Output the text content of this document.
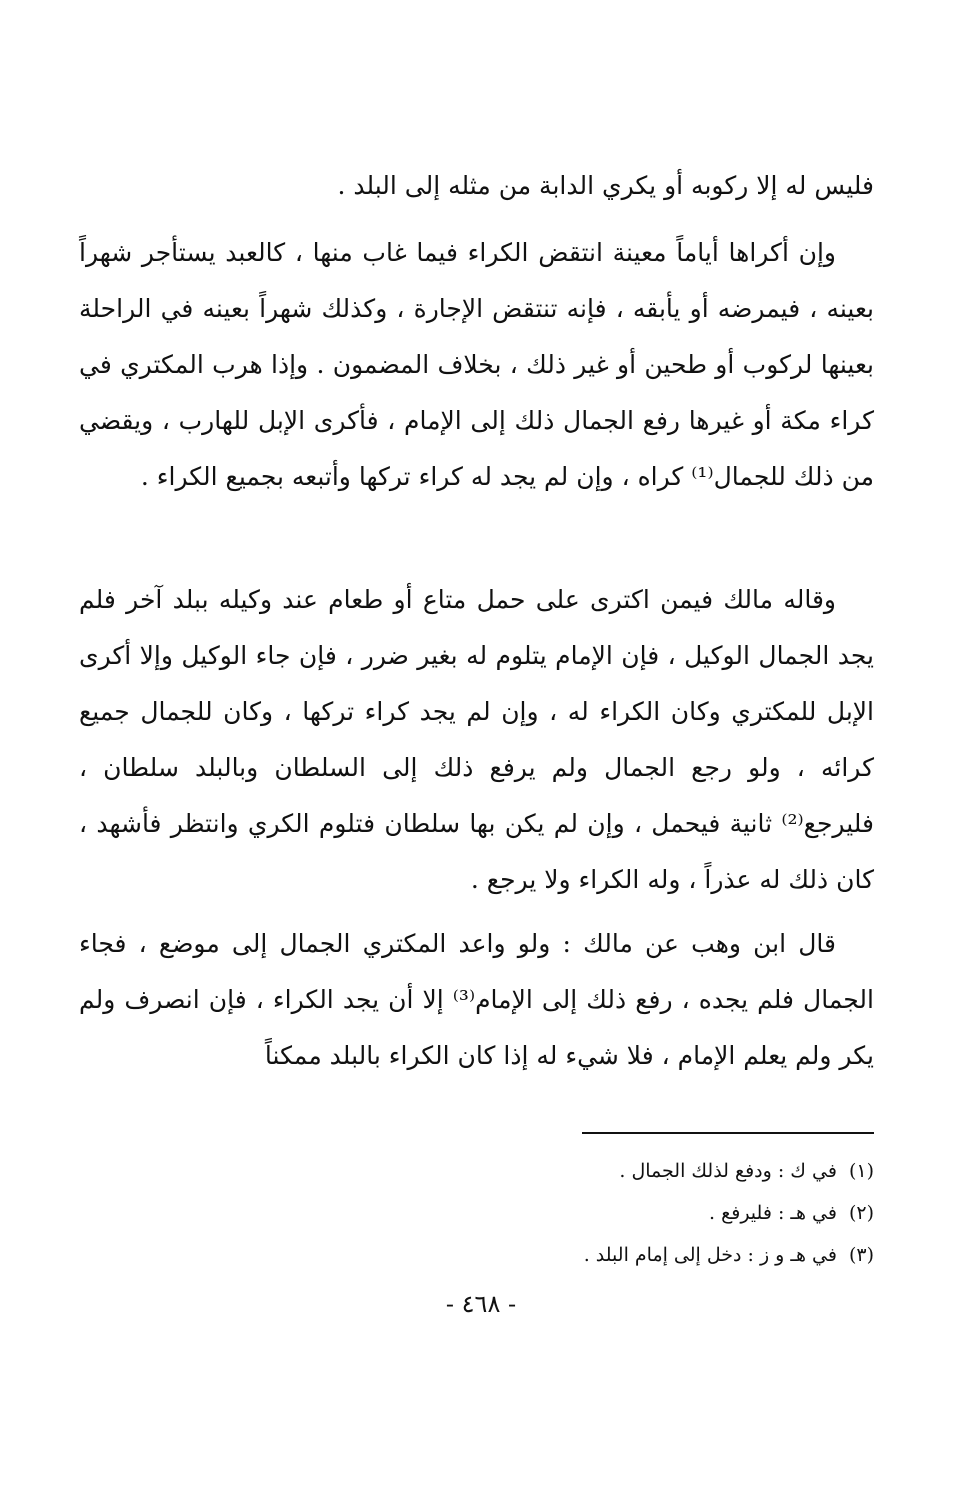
فليس له إلا ركوبه أو يكري الدابة من مثله إلى البلد .

وإن أكراها أياماً معينة انتقض الكراء فيما غاب منها ، كالعبد يستأجر شهراً بعينه ، فيمرضه أو يأبقه ، فإنه تنتقض الإجارة ، وكذلك شهراً بعينه في الراحلة بعينها لركوب أو طحين أو غير ذلك ، بخلاف المضمون . وإذا هرب المكتري في كراء مكة أو غيرها رفع الجمال ذلك إلى الإمام ، فأكرى الإبل للهارب ، ويقضي من ذلك للجمال⁽¹⁾ كراه ، وإن لم يجد له كراء تركها وأتبعه بجميع الكراء .

وقاله مالك فيمن اكترى على حمل متاع أو طعام عند وكيله ببلد آخر فلم يجد الجمال الوكيل ، فإن الإمام يتلوم له بغير ضرر ، فإن جاء الوكيل وإلا أكرى الإبل للمكتري وكان الكراء له ، وإن لم يجد كراء تركها ، وكان للجمال جميع كرائه ، ولو رجع الجمال ولم يرفع ذلك إلى السلطان وبالبلد سلطان ، فليرجع⁽²⁾ ثانية فيحمل ، وإن لم يكن بها سلطان فتلوم الكري وانتظر فأشهد ، كان ذلك له عذراً ، وله الكراء ولا يرجع .

قال ابن وهب عن مالك : ولو واعد المكتري الجمال إلى موضع ، فجاء الجمال فلم يجده ، رفع ذلك إلى الإمام⁽³⁾ إلا أن يجد الكراء ، فإن انصرف ولم يكر ولم يعلم الإمام ، فلا شيء له إذا كان الكراء بالبلد ممكناً

(١)في ك : ودفع لذلك الجمال .

(٢)في هـ : فليرفع .

(٣)في هـ و ز : دخل إلى إمام البلد .

- ٤٦٨ -
